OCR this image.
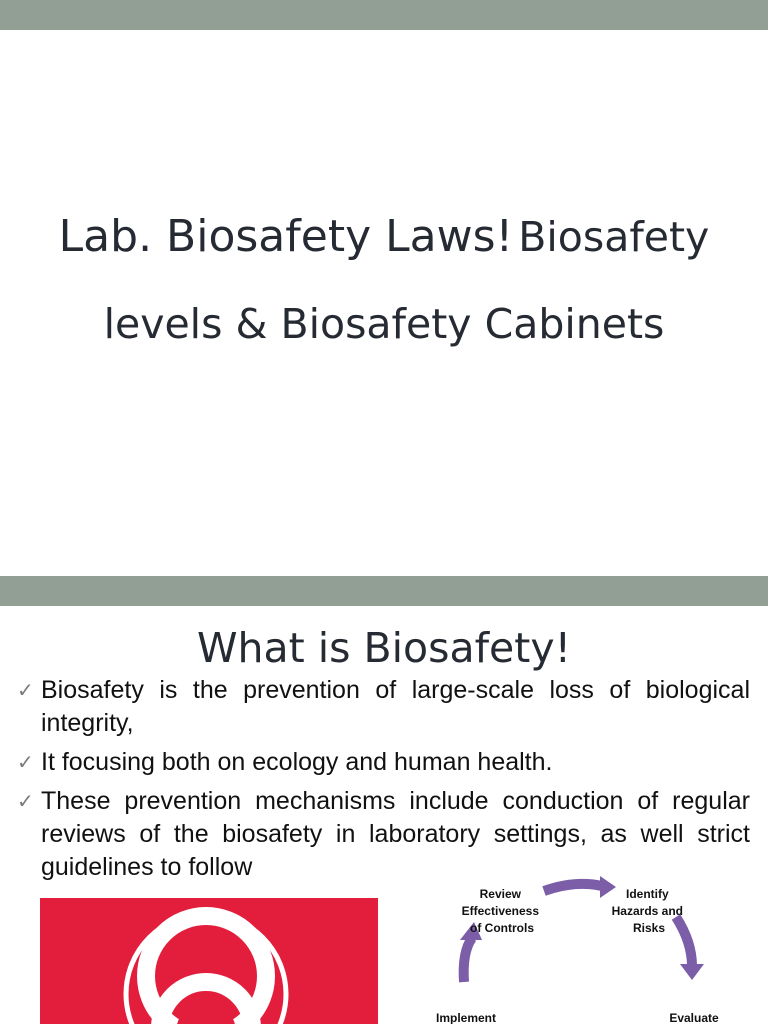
Lab. Biosafety Laws! Biosafety levels & Biosafety Cabinets
What is Biosafety!
✓ Biosafety is the prevention of large-scale loss of biological integrity,
✓ It focusing both on ecology and human health.
✓ These prevention mechanisms include conduction of regular reviews of the biosafety in laboratory settings, as well strict guidelines to follow
Review Effectiveness of Controls
Identify Hazards and Risks
Evaluate
Implement
